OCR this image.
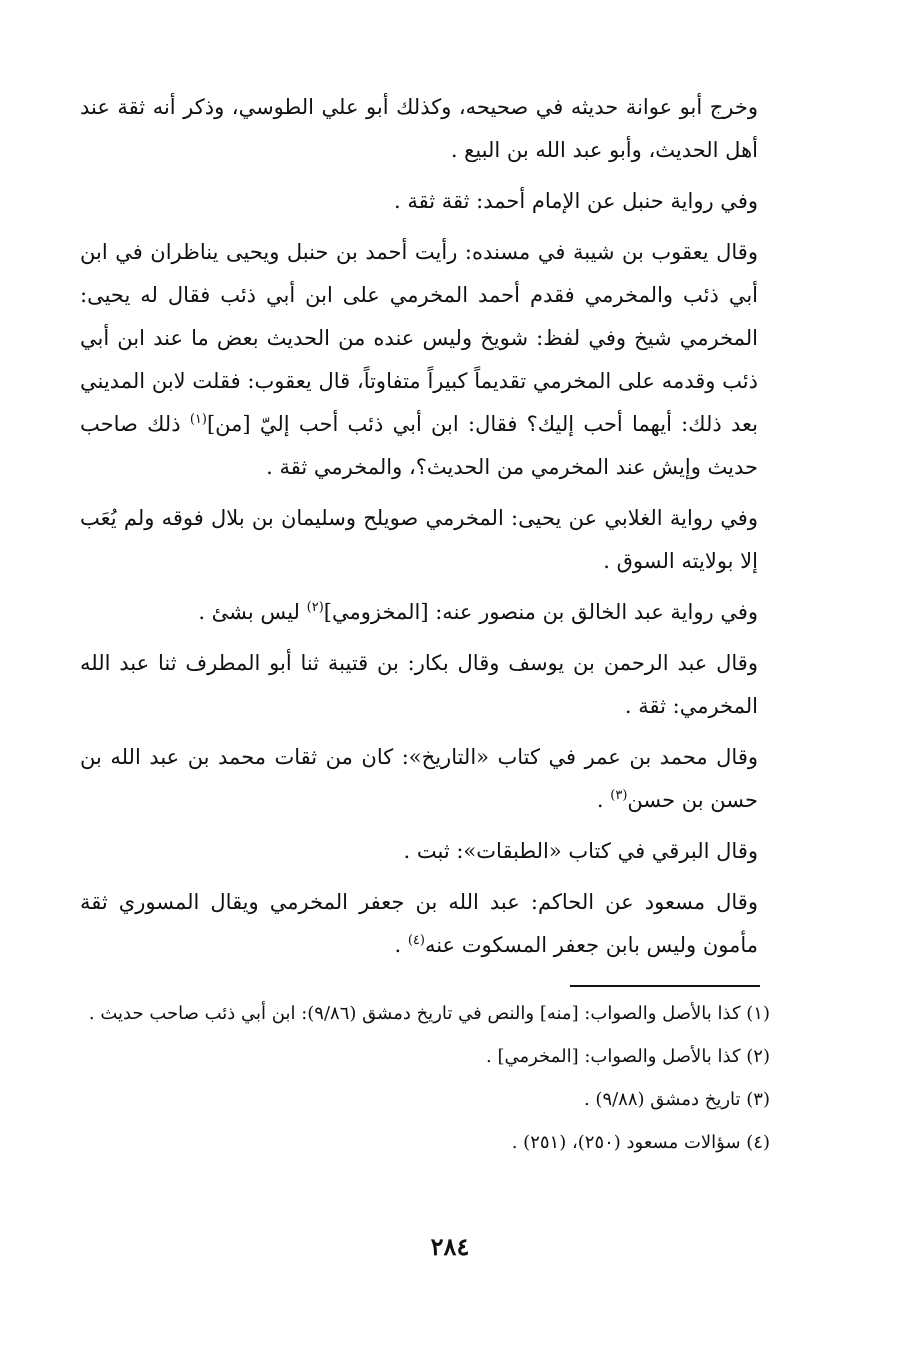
وخرج أبو عوانة حديثه في صحيحه، وكذلك أبو علي الطوسي، وذكر أنه ثقة عند أهل الحديث، وأبو عبد الله بن البيع .

وفي رواية حنبل عن الإمام أحمد: ثقة ثقة .

وقال يعقوب بن شيبة في مسنده: رأيت أحمد بن حنبل ويحيى يناظران في ابن أبي ذئب والمخرمي فقدم أحمد المخرمي على ابن أبي ذئب فقال له يحيى: المخرمي شيخ وفي لفظ: شويخ وليس عنده من الحديث بعض ما عند ابن أبي ذئب وقدمه على المخرمي تقديماً كبيراً متفاوتاً، قال يعقوب: فقلت لابن المديني بعد ذلك: أيهما أحب إليك؟ فقال: ابن أبي ذئب أحب إليّ [من]$^{(١)}$ ذلك صاحب حديث وإيش عند المخرمي من الحديث؟، والمخرمي ثقة .

وفي رواية الغلابي عن يحيى: المخرمي صويلح وسليمان بن بلال فوقه ولم يُعَب إلا بولايته السوق .

وفي رواية عبد الخالق بن منصور عنه: [المخزومي]$^{(٢)}$ ليس بشئ .

وقال عبد الرحمن بن يوسف وقال بكار: بن قتيبة ثنا أبو المطرف ثنا عبد الله المخرمي: ثقة .

وقال محمد بن عمر في كتاب «التاريخ»: كان من ثقات محمد بن عبد الله بن حسن بن حسن$^{(٣)}$ .

وقال البرقي في كتاب «الطبقات»: ثبت .

وقال مسعود عن الحاكم: عبد الله بن جعفر المخرمي ويقال المسوري ثقة مأمون وليس بابن جعفر المسكوت عنه$^{(٤)}$ .

(١) كذا بالأصل والصواب: [منه] والنص في تاريخ دمشق (٩/٨٦): ابن أبي ذئب صاحب حديث .

(٢) كذا بالأصل والصواب: [المخرمي] .

(٣) تاريخ دمشق (٩/٨٨) .

(٤) سؤالات مسعود (٢٥٠)، (٢٥١) .

٢٨٤
